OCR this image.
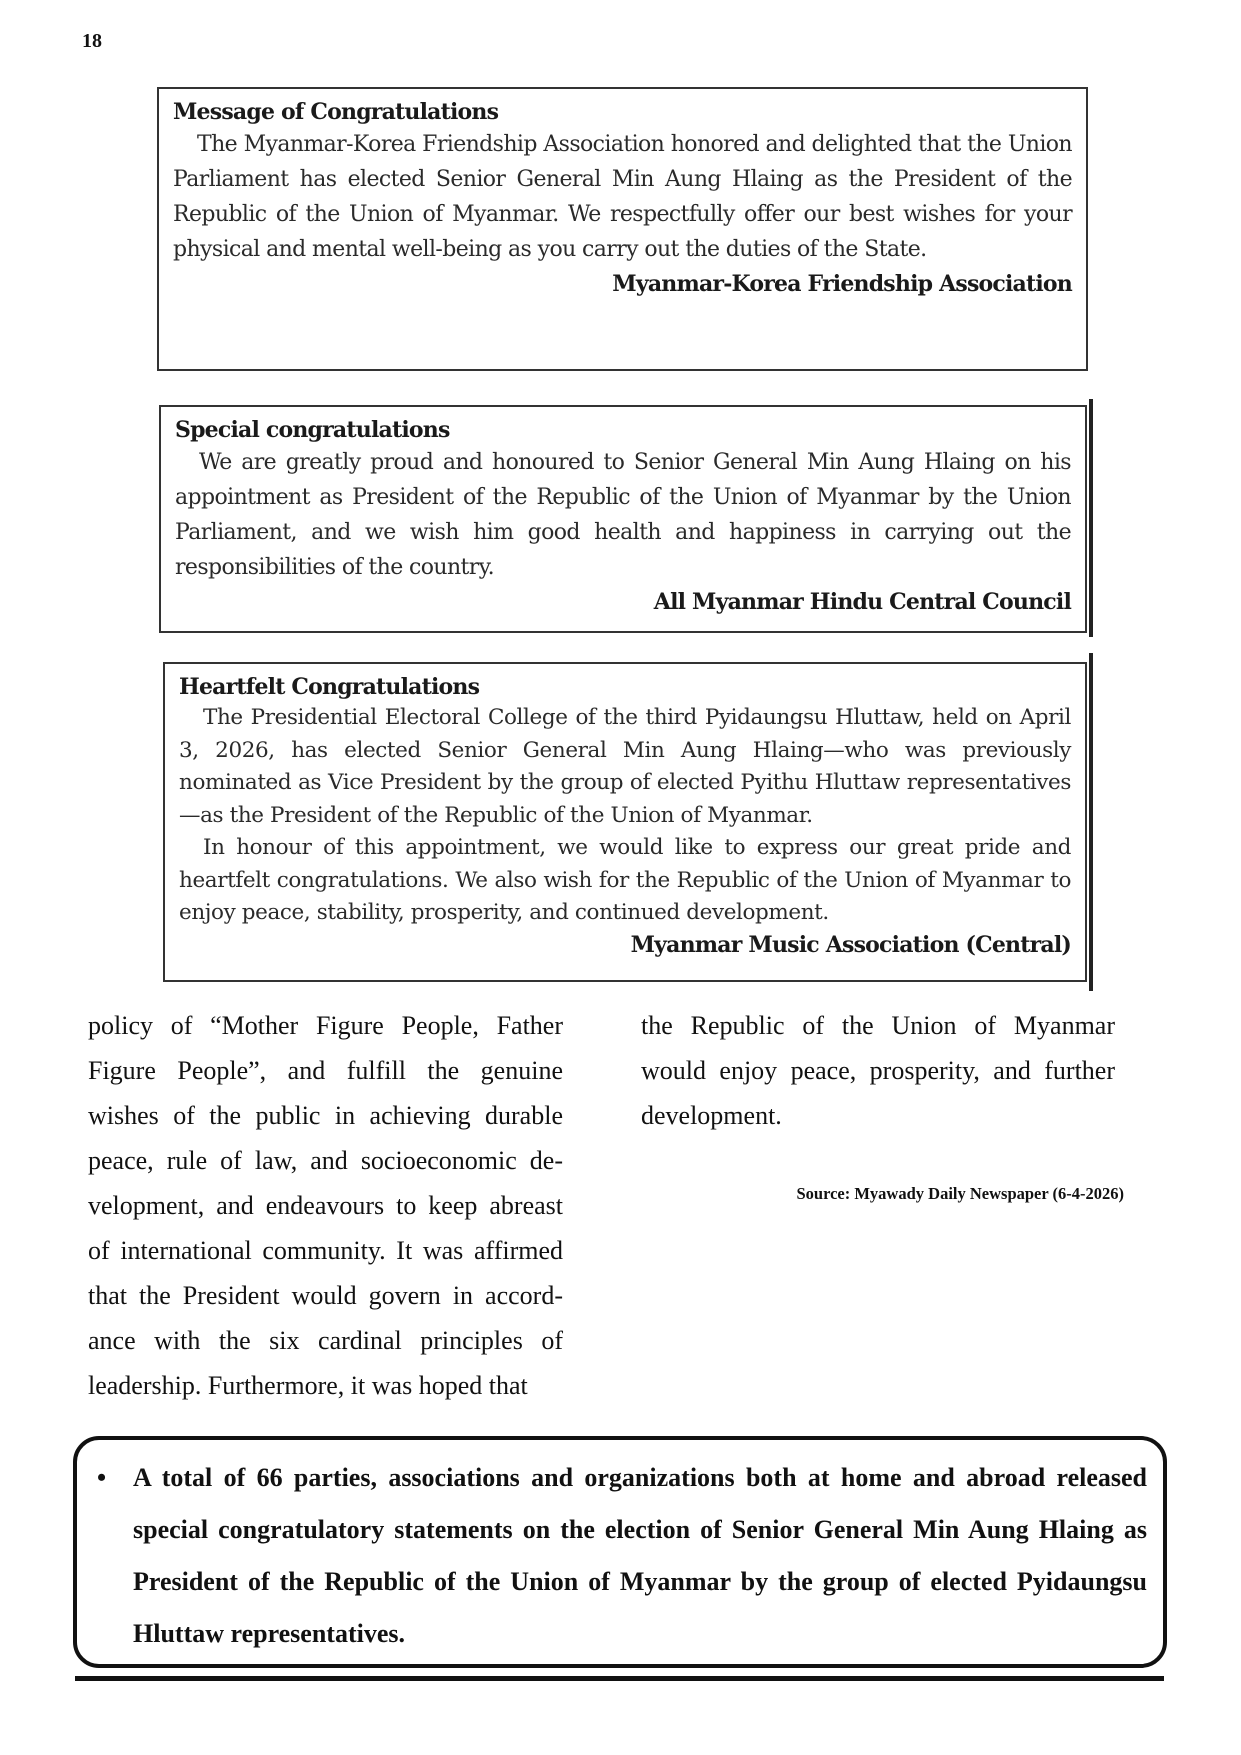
18
Message of Congratulations

The Myanmar-Korea Friendship Association honored and delighted that the Union Parliament has elected Senior General Min Aung Hlaing as the President of the Republic of the Union of Myanmar. We respectfully offer our best wishes for your physical and mental well-being as you carry out the duties of the State.

Myanmar-Korea Friendship Association
Special congratulations

We are greatly proud and honoured to Senior General Min Aung Hlaing on his appointment as President of the Republic of the Union of Myanmar by the Union Parliament, and we wish him good health and happiness in carrying out the responsibilities of the country.

All Myanmar Hindu Central Council
Heartfelt Congratulations

The Presidential Electoral College of the third Pyidaungsu Hluttaw, held on April 3, 2026, has elected Senior General Min Aung Hlaing—who was previously nominated as Vice President by the group of elected Pyithu Hluttaw representatives—as the President of the Republic of the Union of Myanmar.

In honour of this appointment, we would like to express our great pride and heartfelt congratulations. We also wish for the Republic of the Union of Myanmar to enjoy peace, stability, prosperity, and continued development.

Myanmar Music Association (Central)

policy of “Mother Figure People, Father Figure People”, and fulfill the genuine wishes of the public in achieving durable peace, rule of law, and socioeconomic de-velopment, and endeavours to keep abreast of international community. It was affirmed that the President would govern in accord-ance with the six cardinal principles of leadership. Furthermore, it was hoped that

the Republic of the Union of Myanmar would enjoy peace, prosperity, and further development.

Source: Myawady Daily Newspaper (6-4-2026)
• A total of 66 parties, associations and organizations both at home and abroad released special congratulatory statements on the election of Senior General Min Aung Hlaing as President of the Republic of the Union of Myanmar by the group of elected Pyidaungsu Hluttaw representatives.
